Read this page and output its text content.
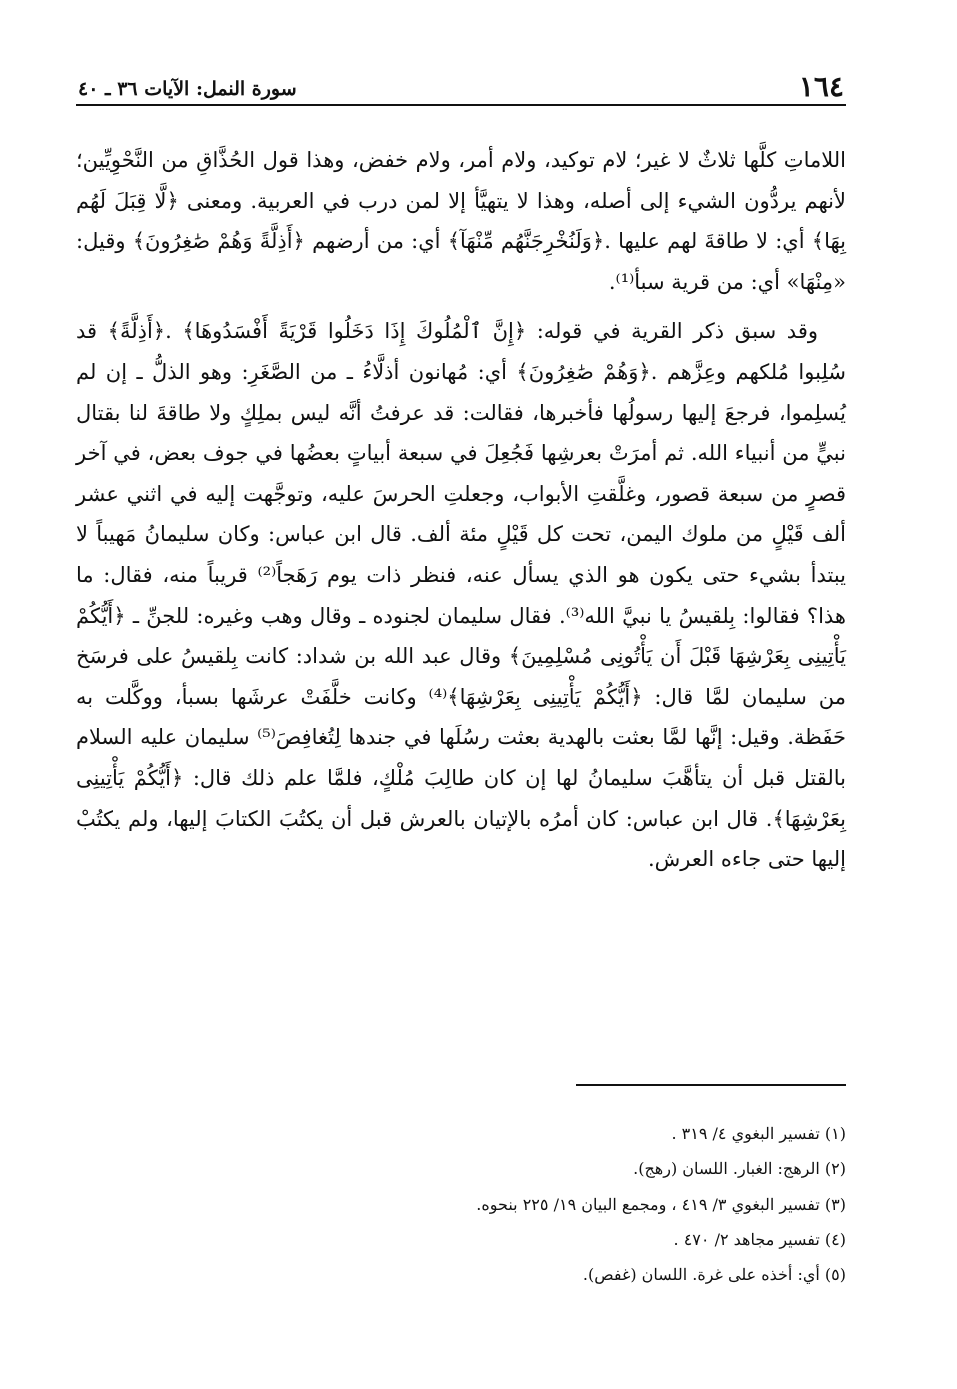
١٦٤
سورة النمل: الآيات ٣٦ ـ ٤٠

اللاماتِ كلَّها ثلاثٌ لا غير؛ لام توكيد، ولام أمر، ولام خفض، وهذا قول الحُذَّاقِ من النَّحْوِيِّين؛ لأنهم يردُّون الشيء إلى أصله، وهذا لا يتهيَّأ إلا لمن درب في العربية. ومعنى ﴿لَّا قِبَلَ لَهُم بِهَا﴾ أي: لا طاقةَ لهم عليها .﴿وَلَنُخْرِجَنَّهُم مِّنْهَآ﴾ أي: من أرضهم ﴿أَذِلَّةً وَهُمْ صَٰغِرُونَ﴾ وقيل: «مِنْهَا» أي: من قرية سبأ⁽¹⁾.

وقد سبق ذكر القرية في قوله: ﴿إِنَّ ٱلْمُلُوكَ إِذَا دَخَلُوا قَرْيَةً أَفْسَدُوهَا﴾ .﴿أَذِلَّةً﴾ قد سُلِبوا مُلكهم وعِزَّهم .﴿وَهُمْ صَٰغِرُونَ﴾ أي: مُهانون أذلَّاءُ ـ من الصَّغَرِ: وهو الذلُّ ـ إن لم يُسلِموا، فرجعَ إليها رسولُها فأخبرها، فقالت: قد عرفتُ أنَّه ليس بملِكٍ ولا طاقةَ لنا بقتال نبيٍّ من أنبياء الله. ثم أمرَتْ بعرشِها فَجُعِلَ في سبعة أبياتٍ بعضُها في جوف بعض، في آخر قصرٍ من سبعة قصور، وغلَّقتِ الأبواب، وجعلتِ الحرسَ عليه، وتوجَّهت إليه في اثني عشر ألف قَيْلٍ من ملوك اليمن، تحت كل قَيْلٍ مئة ألف. قال ابن عباس: وكان سليمانُ مَهيباً لا يبتدأ بشيء حتى يكون هو الذي يسأل عنه، فنظر ذات يوم رَهَجاً⁽²⁾ قريباً منه، فقال: ما هذا؟ فقالوا: بِلقيسُ يا نبيَّ الله⁽³⁾. فقال سليمان لجنوده ـ وقال وهب وغيره: للجنِّ ـ ﴿أَيُّكُمْ يَأْتِينِى بِعَرْشِهَا قَبْلَ أَن يَأْتُونِى مُسْلِمِينَ﴾ وقال عبد الله بن شداد: كانت بِلقيسُ على فرسَخ من سليمان لمَّا قال: ﴿أَيُّكُمْ يَأْتِينِى بِعَرْشِهَا﴾⁽⁴⁾ وكانت خلَّفَتْ عرشَها بسبأ، ووكَّلت به حَفَظة. وقيل: إنَّها لمَّا بعثت بالهدية بعثت رسُلَها في جندها لِتُغافِصَ⁽⁵⁾ سليمان عليه السلام بالقتل قبل أن يتأهَّبَ سليمانُ لها إن كان طالِبَ مُلْكٍ، فلمَّا علم ذلك قال: ﴿أَيُّكُمْ يَأْتِينِى بِعَرْشِهَا﴾. قال ابن عباس: كان أمرُه بالإتيان بالعرش قبل أن يكتُبَ الكتابَ إليها، ولم يكتُبْ إليها حتى جاءه العرش.

(١) تفسير البغوي ٤/ ٣١٩ .
(٢) الرهج: الغبار. اللسان (رهج).
(٣) تفسير البغوي ٣/ ٤١٩ ، ومجمع البيان ١٩/ ٢٢٥ بنحوه.
(٤) تفسير مجاهد ٢/ ٤٧٠ .
(٥) أي: أخذه على غرة. اللسان (غفص).
